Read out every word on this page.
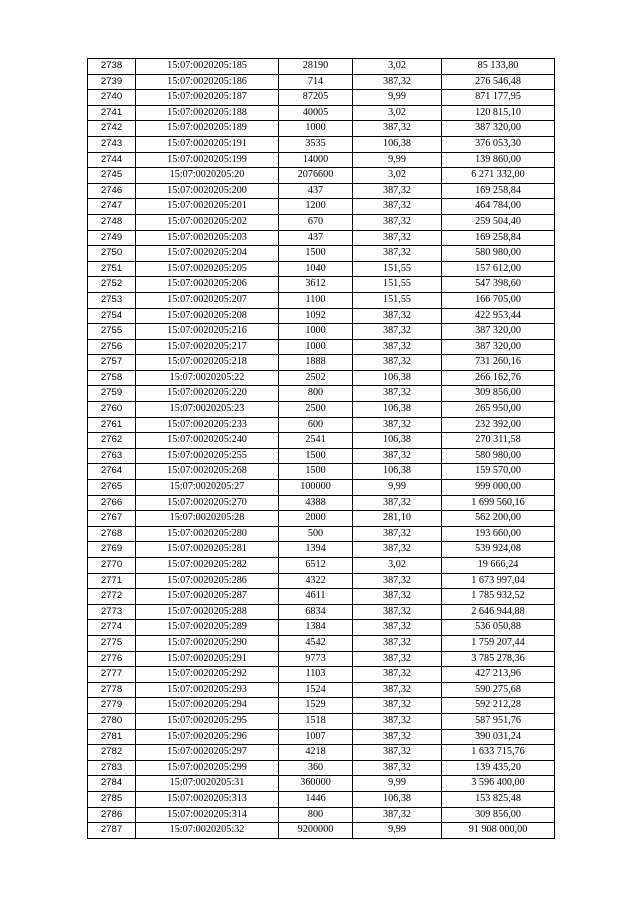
2738	15:07:0020205:185	28190	3,02	85 133,80
2739	15:07:0020205:186	714	387,32	276 546,48
2740	15:07:0020205:187	87205	9,99	871 177,95
2741	15:07:0020205:188	40005	3,02	120 815,10
2742	15:07:0020205:189	1000	387,32	387 320,00
2743	15:07:0020205:191	3535	106,38	376 053,30
2744	15:07:0020205:199	14000	9,99	139 860,00
2745	15:07:0020205:20	2076600	3,02	6 271 332,00
2746	15:07:0020205:200	437	387,32	169 258,84
2747	15:07:0020205:201	1200	387,32	464 784,00
2748	15:07:0020205:202	670	387,32	259 504,40
2749	15:07:0020205:203	437	387,32	169 258,84
2750	15:07:0020205:204	1500	387,32	580 980,00
2751	15:07:0020205:205	1040	151,55	157 612,00
2752	15:07:0020205:206	3612	151,55	547 398,60
2753	15:07:0020205:207	1100	151,55	166 705,00
2754	15:07:0020205:208	1092	387,32	422 953,44
2755	15:07:0020205:216	1000	387,32	387 320,00
2756	15:07:0020205:217	1000	387,32	387 320,00
2757	15:07:0020205:218	1888	387,32	731 260,16
2758	15:07:0020205:22	2502	106,38	266 162,76
2759	15:07:0020205:220	800	387,32	309 856,00
2760	15:07:0020205:23	2500	106,38	265 950,00
2761	15:07:0020205:233	600	387,32	232 392,00
2762	15:07:0020205:240	2541	106,38	270 311,58
2763	15:07:0020205:255	1500	387,32	580 980,00
2764	15:07:0020205:268	1500	106,38	159 570,00
2765	15:07:0020205:27	100000	9,99	999 000,00
2766	15:07:0020205:270	4388	387,32	1 699 560,16
2767	15:07:0020205:28	2000	281,10	562 200,00
2768	15:07:0020205:280	500	387,32	193 660,00
2769	15:07:0020205:281	1394	387,32	539 924,08
2770	15:07:0020205:282	6512	3,02	19 666,24
2771	15:07:0020205:286	4322	387,32	1 673 997,04
2772	15:07:0020205:287	4611	387,32	1 785 932,52
2773	15:07:0020205:288	6834	387,32	2 646 944,88
2774	15:07:0020205:289	1384	387,32	536 050,88
2775	15:07:0020205:290	4542	387,32	1 759 207,44
2776	15:07:0020205:291	9773	387,32	3 785 278,36
2777	15:07:0020205:292	1103	387,32	427 213,96
2778	15:07:0020205:293	1524	387,32	590 275,68
2779	15:07:0020205:294	1529	387,32	592 212,28
2780	15:07:0020205:295	1518	387,32	587 951,76
2781	15:07:0020205:296	1007	387,32	390 031,24
2782	15:07:0020205:297	4218	387,32	1 633 715,76
2783	15:07:0020205:299	360	387,32	139 435,20
2784	15:07:0020205:31	360000	9,99	3 596 400,00
2785	15:07:0020205:313	1446	106,38	153 825,48
2786	15:07:0020205:314	800	387,32	309 856,00
2787	15:07:0020205:32	9200000	9,99	91 908 000,00
